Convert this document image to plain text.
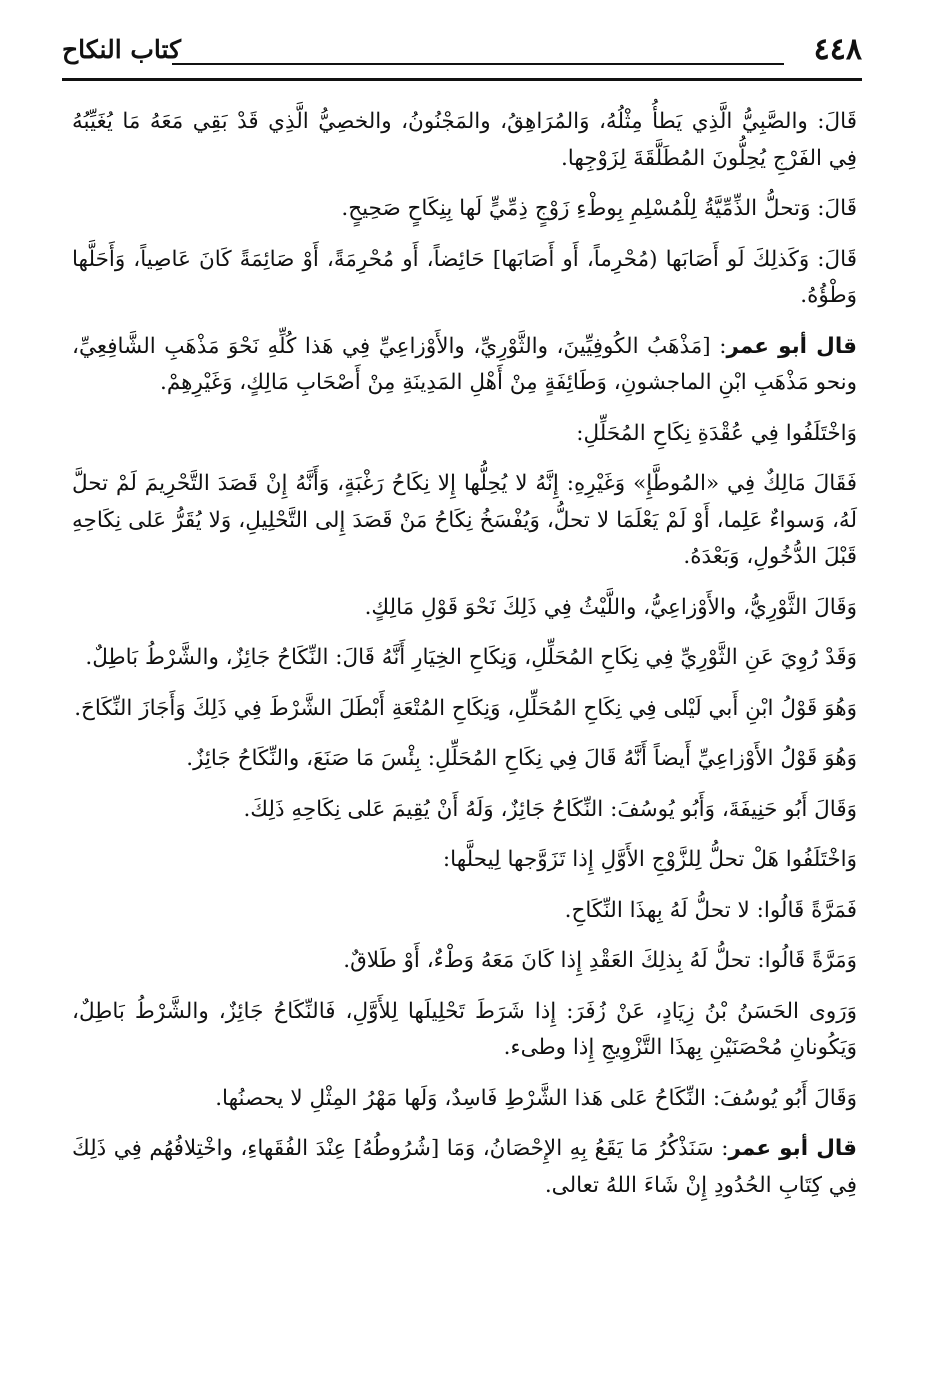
٤٤٨
كتاب النكاح

قَالَ: والصَّبِيُّ الَّذِي يَطأُ مِثْلُهُ، وَالمُرَاهِقُ، والمَجْنُونُ، والخصِيُّ الَّذِي قَدْ بَقِي مَعَهُ مَا يُغَيِّبُهُ فِي الفَرْجِ يُحِلُّونَ المُطَلَّقَةَ لِزَوْجِها.

قَالَ: وَتحلُّ الذِّمِّيَّةُ لِلْمُسْلِمِ بِوطْءِ زَوْجٍ ذِمِّيٍّ لَها بِنِكَاحٍ صَحِيحٍ.

قَالَ: وَكَذلِكَ لَو أَصَابَها (مُحْرِماً، أَو أَصَابَها] حَائِضاً، أَو مُحْرِمَةً، أَوْ صَائِمَةً كَانَ عَاصِياً، وَأَحَلَّها وَطْؤُهُ.

قال أبو عمر: [مَذْهَبُ الكُوفِيِّينَ، والثَّوْرِيِّ، والأَوْزاعِيِّ فِي هَذا كُلِّهِ نَحْوَ مَذْهَبِ الشَّافِعِيِّ، ونحو مَذْهَبِ ابْنِ الماجشونِ، وَطَائِفَةٍ مِنْ أَهْلِ المَدِينَةِ مِنْ أَصْحَابِ مَالِكٍ، وَغَيْرِهِمْ.

وَاخْتَلَفُوا فِي عُقْدَةِ نِكَاحِ المُحَلِّلِ:

فَقَالَ مَالِكٌ فِي «المُوطَّإِ» وَغَيْرِهِ: إِنَّهُ لا يُحِلُّها إِلا نِكَاحُ رَغْبَةٍ، وَأَنَّهُ إِنْ قَصَدَ التَّحْرِيمَ لَمْ تحلَّ لَهُ، وَسواءٌ عَلِما، أَوْ لَمْ يَعْلَمَا لا تحلُّ، وَيُفْسَخُ نِكَاحُ مَنْ قَصَدَ إِلى التَّحْلِيلِ، وَلا يُقَرُّ عَلى نِكَاحِهِ قَبْلَ الدُّخُولِ، وَبَعْدَهُ.

وَقَالَ الثَّوْرِيُّ، والأَوْزاعِيُّ، واللَّيْثُ فِي ذَلِكَ نَحْوَ قَوْلِ مَالِكٍ.

وَقَدْ رُوِيَ عَنِ الثَّوْرِيِّ فِي نِكَاحِ المُحَلِّلِ، وَنِكَاحِ الخِيَارِ أَنَّهُ قَالَ: النِّكَاحُ جَائِزٌ، والشَّرْطُ بَاطِلٌ.

وَهُوَ قَوْلُ ابْنِ أَبي لَيْلى فِي نِكَاحِ المُحَلِّلِ، وَنِكَاحِ المُتْعَةِ أَبْطَلَ الشَّرْطَ فِي ذَلِكَ وَأَجَازَ النِّكَاحَ.

وَهُوَ قَوْلُ الأَوْزاعِيِّ أَيضاً أَنَّهُ قَالَ فِي نِكَاحِ المُحَلِّلِ: بِئْسَ مَا صَنَعَ، والنِّكَاحُ جَائِزٌ.

وَقَالَ أَبُو حَنِيفَةَ، وَأَبُو يُوسُفَ: النِّكَاحُ جَائِزٌ، وَلَهُ أَنْ يُقِيمَ عَلى نِكَاحِهِ ذَلِكَ.

وَاخْتَلَفُوا هَلْ تحلُّ لِلزَّوْجِ الأَوَّلِ إِذا تَزَوَّجها لِيحلَّها:

فَمَرَّةً قَالُوا: لا تحلُّ لَهُ بِهذَا النِّكَاحِ.

وَمَرَّةً قَالُوا: تحلُّ لَهُ بِذلِكَ العَقْدِ إِذا كَانَ مَعَهُ وَطْءٌ، أَوْ طَلاقٌ.

وَرَوى الحَسَنُ بْنُ زِيَادٍ، عَنْ زُفَرَ: إِذا شَرَطَ تَحْلِيلَها لِلأَوَّلِ، فَالنِّكَاحُ جَائِزٌ، والشَّرْطُ بَاطِلٌ، وَيَكُونانِ مُحْصَنَيْنِ بِهذَا التَّزْوِيجِ إِذا وطىء.

وَقَالَ أَبُو يُوسُفَ: النِّكَاحُ عَلى هَذا الشَّرْطِ فَاسِدٌ، وَلَها مَهْرُ المِثْلِ لا يحصنُها.

قال أبو عمر: سَنَذْكُرُ مَا يَقَعُ بِهِ الإِحْصَانُ، وَمَا [شُرُوطُهُ] عِنْدَ الفُقَهاءِ، واخْتِلافُهُم فِي ذَلِكَ فِي كِتَابِ الحُدُودِ إِنْ شَاءَ اللهُ تعالى.
